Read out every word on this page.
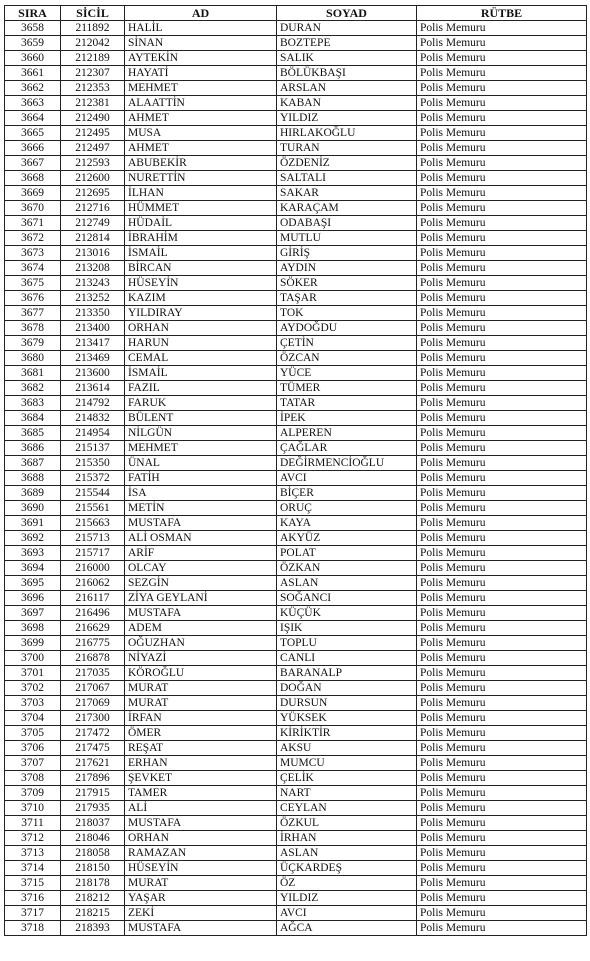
SIRA	SİCİL	AD	SOYAD	RÜTBE
3658	211892	HALİL	DURAN	Polis Memuru
3659	212042	SİNAN	BOZTEPE	Polis Memuru
3660	212189	AYTEKİN	SALIK	Polis Memuru
3661	212307	HAYATİ	BÖLÜKBAŞI	Polis Memuru
3662	212353	MEHMET	ARSLAN	Polis Memuru
3663	212381	ALAATTİN	KABAN	Polis Memuru
3664	212490	AHMET	YILDIZ	Polis Memuru
3665	212495	MUSA	HIRLAKOĞLU	Polis Memuru
3666	212497	AHMET	TURAN	Polis Memuru
3667	212593	ABUBEKİR	ÖZDENİZ	Polis Memuru
3668	212600	NURETTİN	SALTALI	Polis Memuru
3669	212695	İLHAN	SAKAR	Polis Memuru
3670	212716	HÜMMET	KARAÇAM	Polis Memuru
3671	212749	HÜDAİL	ODABAŞI	Polis Memuru
3672	212814	İBRAHİM	MUTLU	Polis Memuru
3673	213016	İSMAİL	GİRİŞ	Polis Memuru
3674	213208	BİRCAN	AYDIN	Polis Memuru
3675	213243	HÜSEYİN	SÖKER	Polis Memuru
3676	213252	KAZIM	TAŞAR	Polis Memuru
3677	213350	YILDIRAY	TOK	Polis Memuru
3678	213400	ORHAN	AYDOĞDU	Polis Memuru
3679	213417	HARUN	ÇETİN	Polis Memuru
3680	213469	CEMAL	ÖZCAN	Polis Memuru
3681	213600	İSMAİL	YÜCE	Polis Memuru
3682	213614	FAZIL	TÜMER	Polis Memuru
3683	214792	FARUK	TATAR	Polis Memuru
3684	214832	BÜLENT	İPEK	Polis Memuru
3685	214954	NİLGÜN	ALPEREN	Polis Memuru
3686	215137	MEHMET	ÇAĞLAR	Polis Memuru
3687	215350	ÜNAL	DEĞİRMENCİOĞLU	Polis Memuru
3688	215372	FATİH	AVCI	Polis Memuru
3689	215544	İSA	BİÇER	Polis Memuru
3690	215561	METİN	ORUÇ	Polis Memuru
3691	215663	MUSTAFA	KAYA	Polis Memuru
3692	215713	ALİ OSMAN	AKYÜZ	Polis Memuru
3693	215717	ARİF	POLAT	Polis Memuru
3694	216000	OLCAY	ÖZKAN	Polis Memuru
3695	216062	SEZGİN	ASLAN	Polis Memuru
3696	216117	ZİYA GEYLANİ	SOĞANCI	Polis Memuru
3697	216496	MUSTAFA	KÜÇÜK	Polis Memuru
3698	216629	ADEM	IŞIK	Polis Memuru
3699	216775	OĞUZHAN	TOPLU	Polis Memuru
3700	216878	NİYAZİ	CANLI	Polis Memuru
3701	217035	KÖROĞLU	BARANALP	Polis Memuru
3702	217067	MURAT	DOĞAN	Polis Memuru
3703	217069	MURAT	DURSUN	Polis Memuru
3704	217300	İRFAN	YÜKSEK	Polis Memuru
3705	217472	ÖMER	KİRİKTİR	Polis Memuru
3706	217475	REŞAT	AKSU	Polis Memuru
3707	217621	ERHAN	MUMCU	Polis Memuru
3708	217896	ŞEVKET	ÇELİK	Polis Memuru
3709	217915	TAMER	NART	Polis Memuru
3710	217935	ALİ	CEYLAN	Polis Memuru
3711	218037	MUSTAFA	ÖZKUL	Polis Memuru
3712	218046	ORHAN	İRHAN	Polis Memuru
3713	218058	RAMAZAN	ASLAN	Polis Memuru
3714	218150	HÜSEYİN	ÜÇKARDEŞ	Polis Memuru
3715	218178	MURAT	ÖZ	Polis Memuru
3716	218212	YAŞAR	YILDIZ	Polis Memuru
3717	218215	ZEKİ	AVCI	Polis Memuru
3718	218393	MUSTAFA	AĞCA	Polis Memuru
